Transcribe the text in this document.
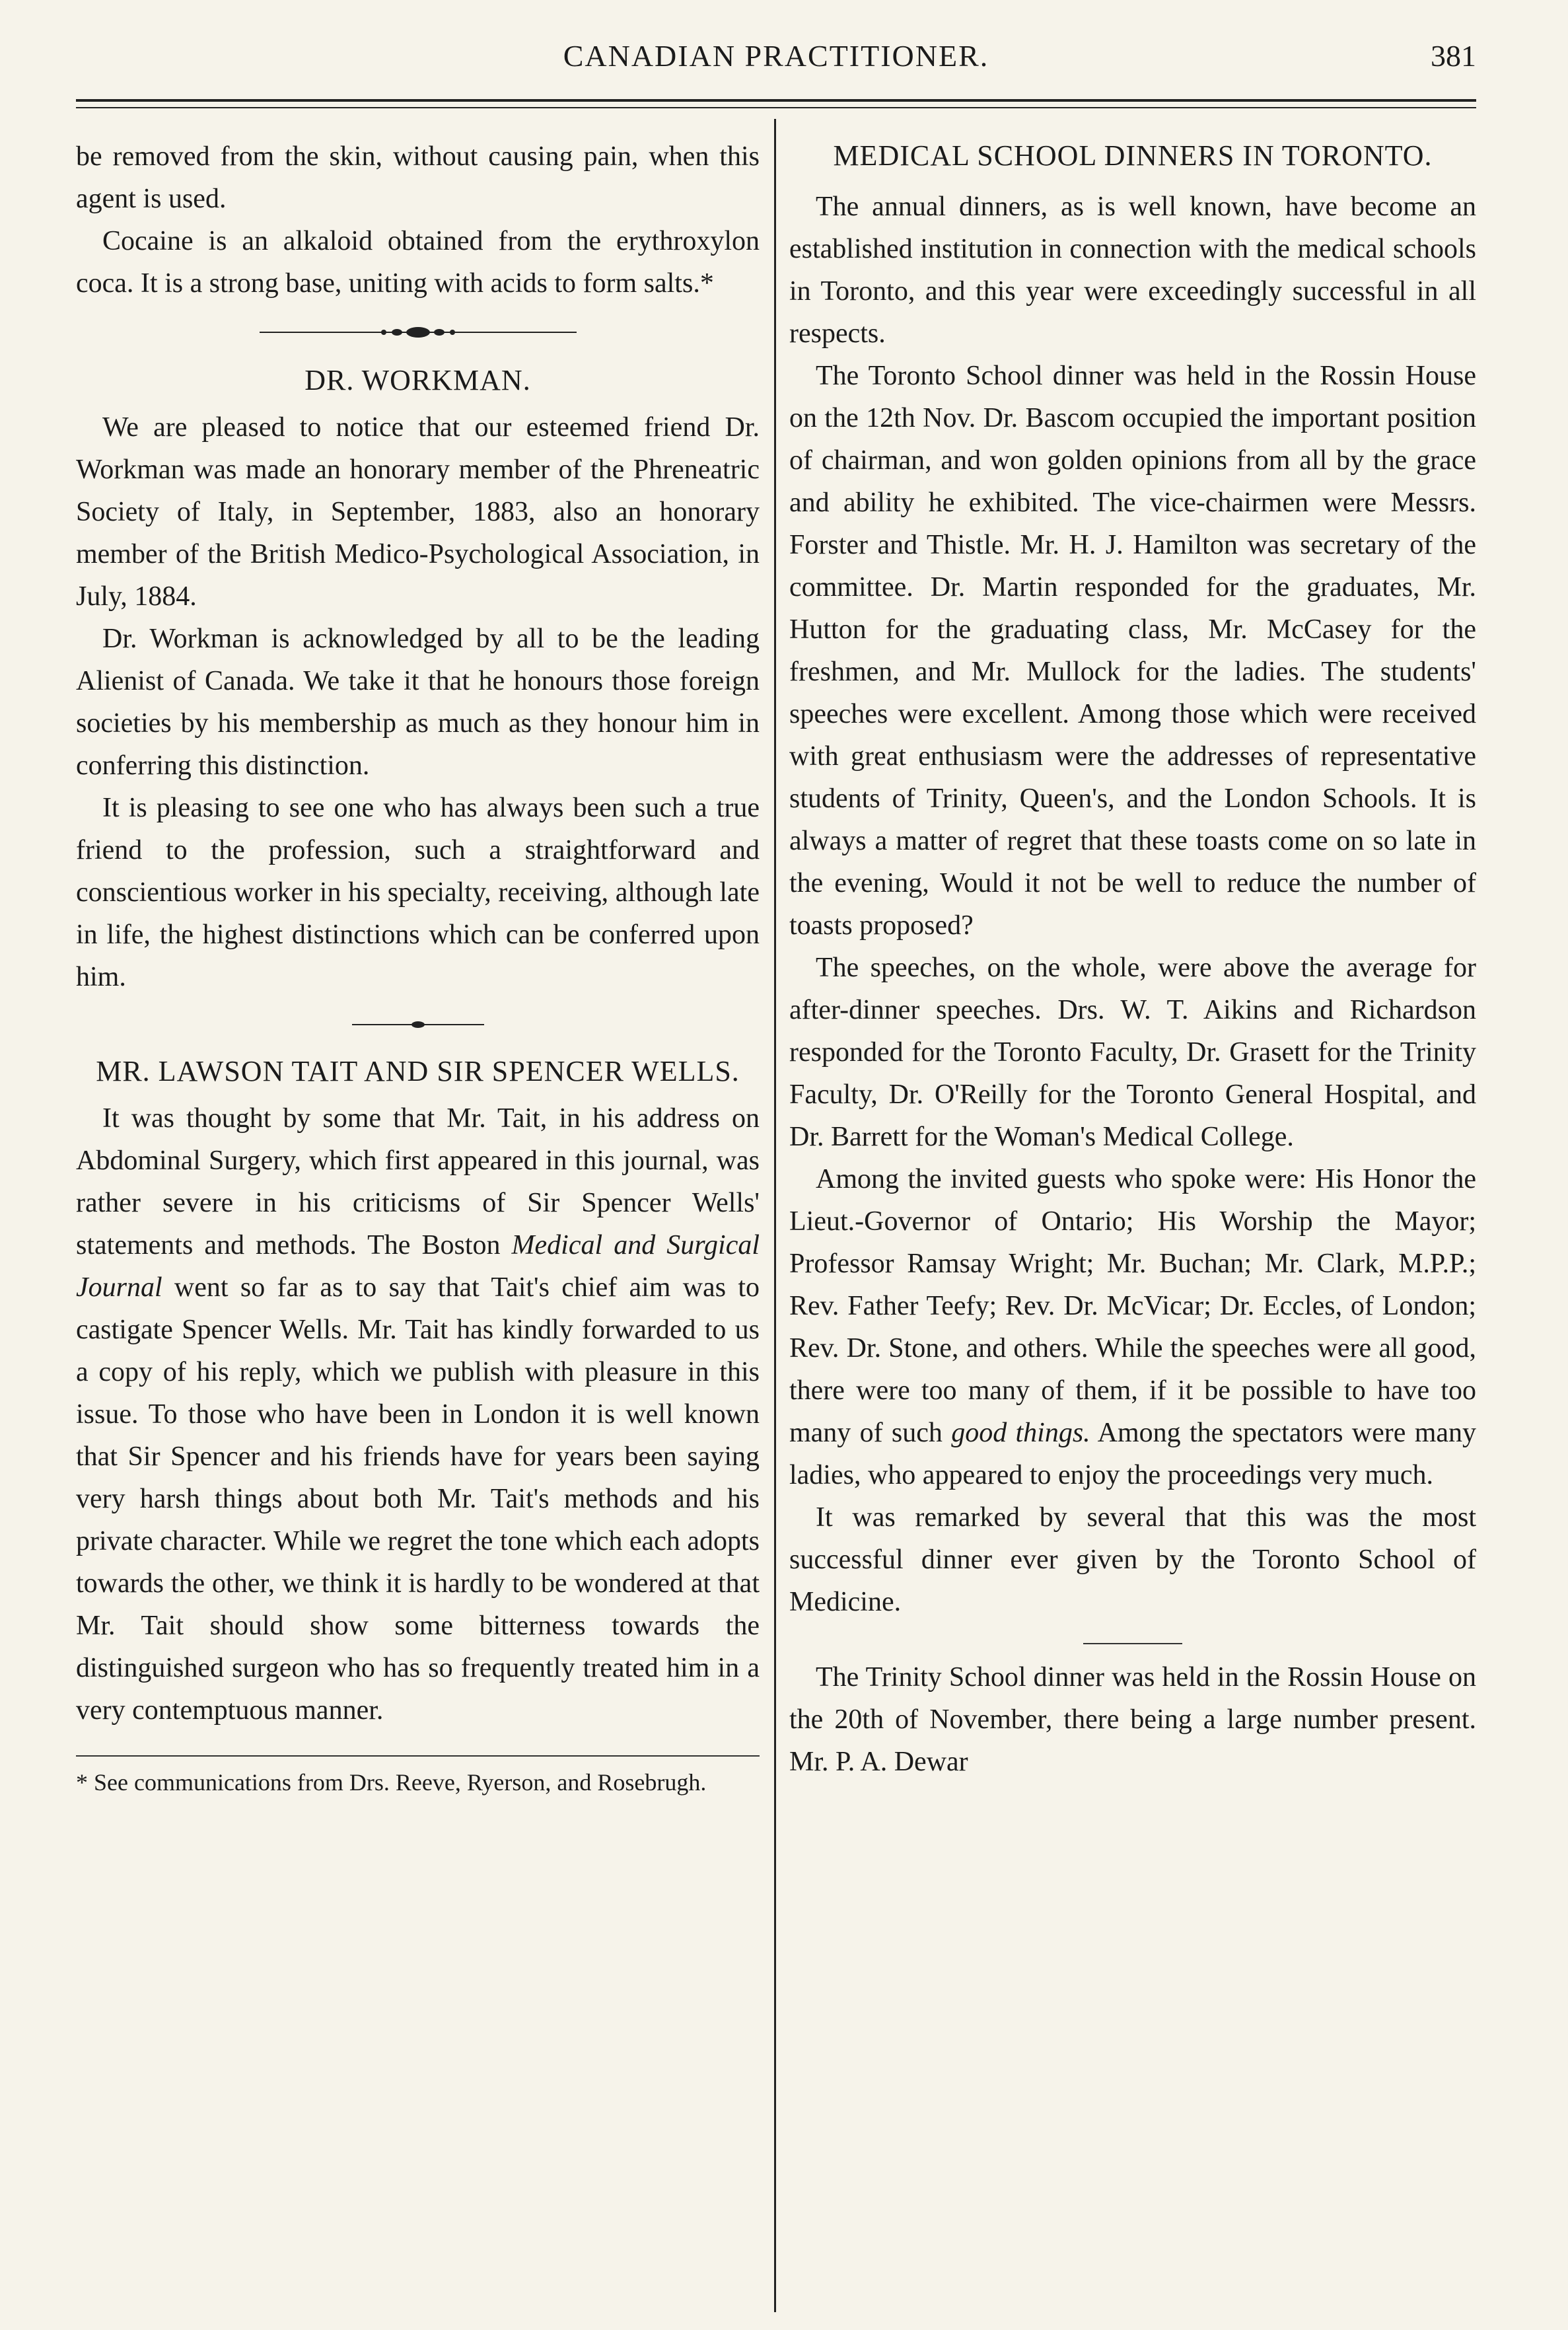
CANADIAN PRACTITIONER.	381

be removed from the skin, without causing pain, when this agent is used.

Cocaine is an alkaloid obtained from the erythroxylon coca. It is a strong base, uniting with acids to form salts.*

DR. WORKMAN.

We are pleased to notice that our esteemed friend Dr. Workman was made an honorary member of the Phreneatric Society of Italy, in September, 1883, also an honorary member of the British Medico-Psychological Association, in July, 1884.

Dr. Workman is acknowledged by all to be the leading Alienist of Canada. We take it that he honours those foreign societies by his membership as much as they honour him in conferring this distinction.

It is pleasing to see one who has always been such a true friend to the profession, such a straightforward and conscientious worker in his specialty, receiving, although late in life, the highest distinctions which can be conferred upon him.

MR. LAWSON TAIT AND SIR SPENCER WELLS.

It was thought by some that Mr. Tait, in his address on Abdominal Surgery, which first appeared in this journal, was rather severe in his criticisms of Sir Spencer Wells' statements and methods. The Boston Medical and Surgical Journal went so far as to say that Tait's chief aim was to castigate Spencer Wells. Mr. Tait has kindly forwarded to us a copy of his reply, which we publish with pleasure in this issue. To those who have been in London it is well known that Sir Spencer and his friends have for years been saying very harsh things about both Mr. Tait's methods and his private character. While we regret the tone which each adopts towards the other, we think it is hardly to be wondered at that Mr. Tait should show some bitterness towards the distinguished surgeon who has so frequently treated him in a very contemptuous manner.

* See communications from Drs. Reeve, Ryerson, and Rosebrugh.

MEDICAL SCHOOL DINNERS IN TORONTO.

The annual dinners, as is well known, have become an established institution in connection with the medical schools in Toronto, and this year were exceedingly successful in all respects.

The Toronto School dinner was held in the Rossin House on the 12th Nov. Dr. Bascom occupied the important position of chairman, and won golden opinions from all by the grace and ability he exhibited. The vice-chairmen were Messrs. Forster and Thistle. Mr. H. J. Hamilton was secretary of the committee. Dr. Martin responded for the graduates, Mr. Hutton for the graduating class, Mr. McCasey for the freshmen, and Mr. Mullock for the ladies. The students' speeches were excellent. Among those which were received with great enthusiasm were the addresses of representative students of Trinity, Queen's, and the London Schools. It is always a matter of regret that these toasts come on so late in the evening, Would it not be well to reduce the number of toasts proposed?

The speeches, on the whole, were above the average for after-dinner speeches. Drs. W. T. Aikins and Richardson responded for the Toronto Faculty, Dr. Grasett for the Trinity Faculty, Dr. O'Reilly for the Toronto General Hospital, and Dr. Barrett for the Woman's Medical College.

Among the invited guests who spoke were: His Honor the Lieut.-Governor of Ontario; His Worship the Mayor; Professor Ramsay Wright; Mr. Buchan; Mr. Clark, M.P.P.; Rev. Father Teefy; Rev. Dr. McVicar; Dr. Eccles, of London; Rev. Dr. Stone, and others. While the speeches were all good, there were too many of them, if it be possible to have too many of such good things. Among the spectators were many ladies, who appeared to enjoy the proceedings very much.

It was remarked by several that this was the most successful dinner ever given by the Toronto School of Medicine.

The Trinity School dinner was held in the Rossin House on the 20th of November, there being a large number present. Mr. P. A. Dewar
